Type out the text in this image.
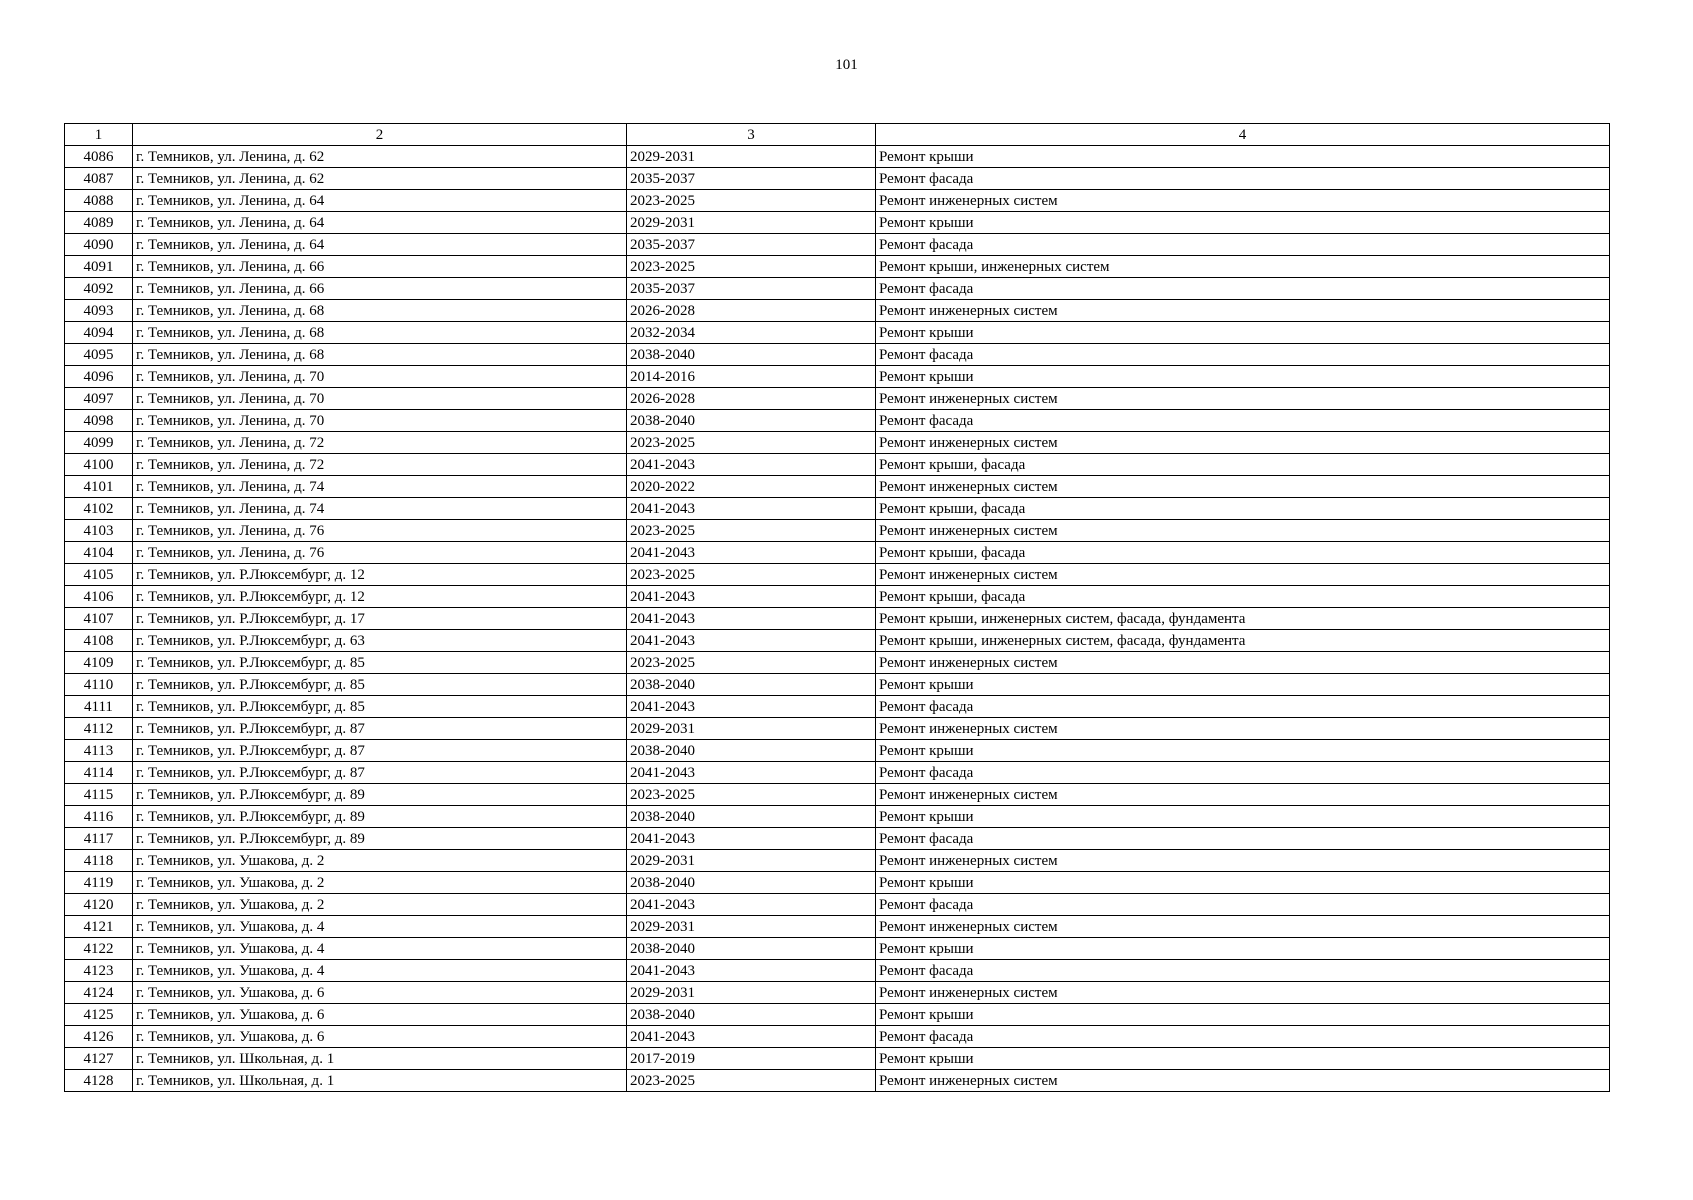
101
1	2	3	4
4086	г. Темников, ул. Ленина, д. 62	2029-2031	Ремонт крыши
4087	г. Темников, ул. Ленина, д. 62	2035-2037	Ремонт фасада
4088	г. Темников, ул. Ленина, д. 64	2023-2025	Ремонт инженерных систем
4089	г. Темников, ул. Ленина, д. 64	2029-2031	Ремонт крыши
4090	г. Темников, ул. Ленина, д. 64	2035-2037	Ремонт фасада
4091	г. Темников, ул. Ленина, д. 66	2023-2025	Ремонт крыши, инженерных систем
4092	г. Темников, ул. Ленина, д. 66	2035-2037	Ремонт фасада
4093	г. Темников, ул. Ленина, д. 68	2026-2028	Ремонт инженерных систем
4094	г. Темников, ул. Ленина, д. 68	2032-2034	Ремонт крыши
4095	г. Темников, ул. Ленина, д. 68	2038-2040	Ремонт фасада
4096	г. Темников, ул. Ленина, д. 70	2014-2016	Ремонт крыши
4097	г. Темников, ул. Ленина, д. 70	2026-2028	Ремонт инженерных систем
4098	г. Темников, ул. Ленина, д. 70	2038-2040	Ремонт фасада
4099	г. Темников, ул. Ленина, д. 72	2023-2025	Ремонт инженерных систем
4100	г. Темников, ул. Ленина, д. 72	2041-2043	Ремонт крыши, фасада
4101	г. Темников, ул. Ленина, д. 74	2020-2022	Ремонт инженерных систем
4102	г. Темников, ул. Ленина, д. 74	2041-2043	Ремонт крыши, фасада
4103	г. Темников, ул. Ленина, д. 76	2023-2025	Ремонт инженерных систем
4104	г. Темников, ул. Ленина, д. 76	2041-2043	Ремонт крыши, фасада
4105	г. Темников, ул. Р.Люксембург, д. 12	2023-2025	Ремонт инженерных систем
4106	г. Темников, ул. Р.Люксембург, д. 12	2041-2043	Ремонт крыши, фасада
4107	г. Темников, ул. Р.Люксембург, д. 17	2041-2043	Ремонт крыши, инженерных систем, фасада, фундамента
4108	г. Темников, ул. Р.Люксембург, д. 63	2041-2043	Ремонт крыши, инженерных систем, фасада, фундамента
4109	г. Темников, ул. Р.Люксембург, д. 85	2023-2025	Ремонт инженерных систем
4110	г. Темников, ул. Р.Люксембург, д. 85	2038-2040	Ремонт крыши
4111	г. Темников, ул. Р.Люксембург, д. 85	2041-2043	Ремонт фасада
4112	г. Темников, ул. Р.Люксембург, д. 87	2029-2031	Ремонт инженерных систем
4113	г. Темников, ул. Р.Люксембург, д. 87	2038-2040	Ремонт крыши
4114	г. Темников, ул. Р.Люксембург, д. 87	2041-2043	Ремонт фасада
4115	г. Темников, ул. Р.Люксембург, д. 89	2023-2025	Ремонт инженерных систем
4116	г. Темников, ул. Р.Люксембург, д. 89	2038-2040	Ремонт крыши
4117	г. Темников, ул. Р.Люксембург, д. 89	2041-2043	Ремонт фасада
4118	г. Темников, ул. Ушакова, д. 2	2029-2031	Ремонт инженерных систем
4119	г. Темников, ул. Ушакова, д. 2	2038-2040	Ремонт крыши
4120	г. Темников, ул. Ушакова, д. 2	2041-2043	Ремонт фасада
4121	г. Темников, ул. Ушакова, д. 4	2029-2031	Ремонт инженерных систем
4122	г. Темников, ул. Ушакова, д. 4	2038-2040	Ремонт крыши
4123	г. Темников, ул. Ушакова, д. 4	2041-2043	Ремонт фасада
4124	г. Темников, ул. Ушакова, д. 6	2029-2031	Ремонт инженерных систем
4125	г. Темников, ул. Ушакова, д. 6	2038-2040	Ремонт крыши
4126	г. Темников, ул. Ушакова, д. 6	2041-2043	Ремонт фасада
4127	г. Темников, ул. Школьная, д. 1	2017-2019	Ремонт крыши
4128	г. Темников, ул. Школьная, д. 1	2023-2025	Ремонт инженерных систем
